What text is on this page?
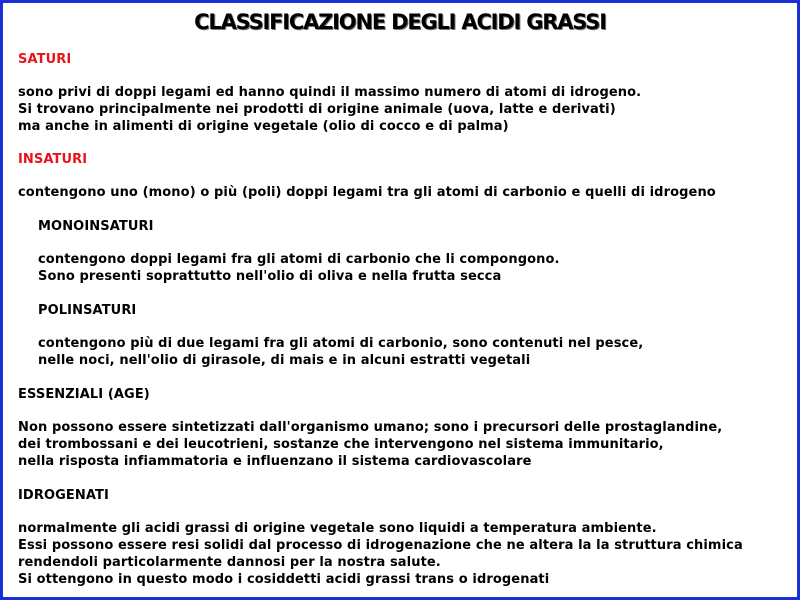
CLASSIFICAZIONE DEGLI ACIDI GRASSI
SATURI
sono privi di doppi legami ed hanno quindi il massimo numero di atomi di idrogeno.
Si trovano principalmente nei prodotti di origine animale (uova, latte e derivati)
ma anche in alimenti di origine vegetale (olio di cocco e di palma)
INSATURI
contengono uno (mono) o più (poli) doppi legami tra gli atomi di carbonio e quelli di idrogeno
MONOINSATURI
contengono doppi legami fra gli atomi di carbonio che li compongono.
Sono presenti soprattutto nell'olio di oliva e nella frutta secca
POLINSATURI
contengono più di due legami fra gli atomi di carbonio, sono contenuti nel pesce,
nelle noci, nell'olio di girasole, di mais e in alcuni estratti vegetali
ESSENZIALI (AGE)
Non possono essere sintetizzati dall'organismo umano; sono i precursori delle prostaglandine,
dei trombossani e dei leucotrieni, sostanze che intervengono nel sistema immunitario,
nella risposta infiammatoria e influenzano il sistema cardiovascolare
IDROGENATI
normalmente gli acidi grassi di origine vegetale sono liquidi a temperatura ambiente.
Essi possono essere resi solidi dal processo di idrogenazione che ne altera la la struttura chimica
rendendoli particolarmente dannosi per la nostra salute.
Si ottengono in questo modo i cosiddetti acidi grassi trans o idrogenati
